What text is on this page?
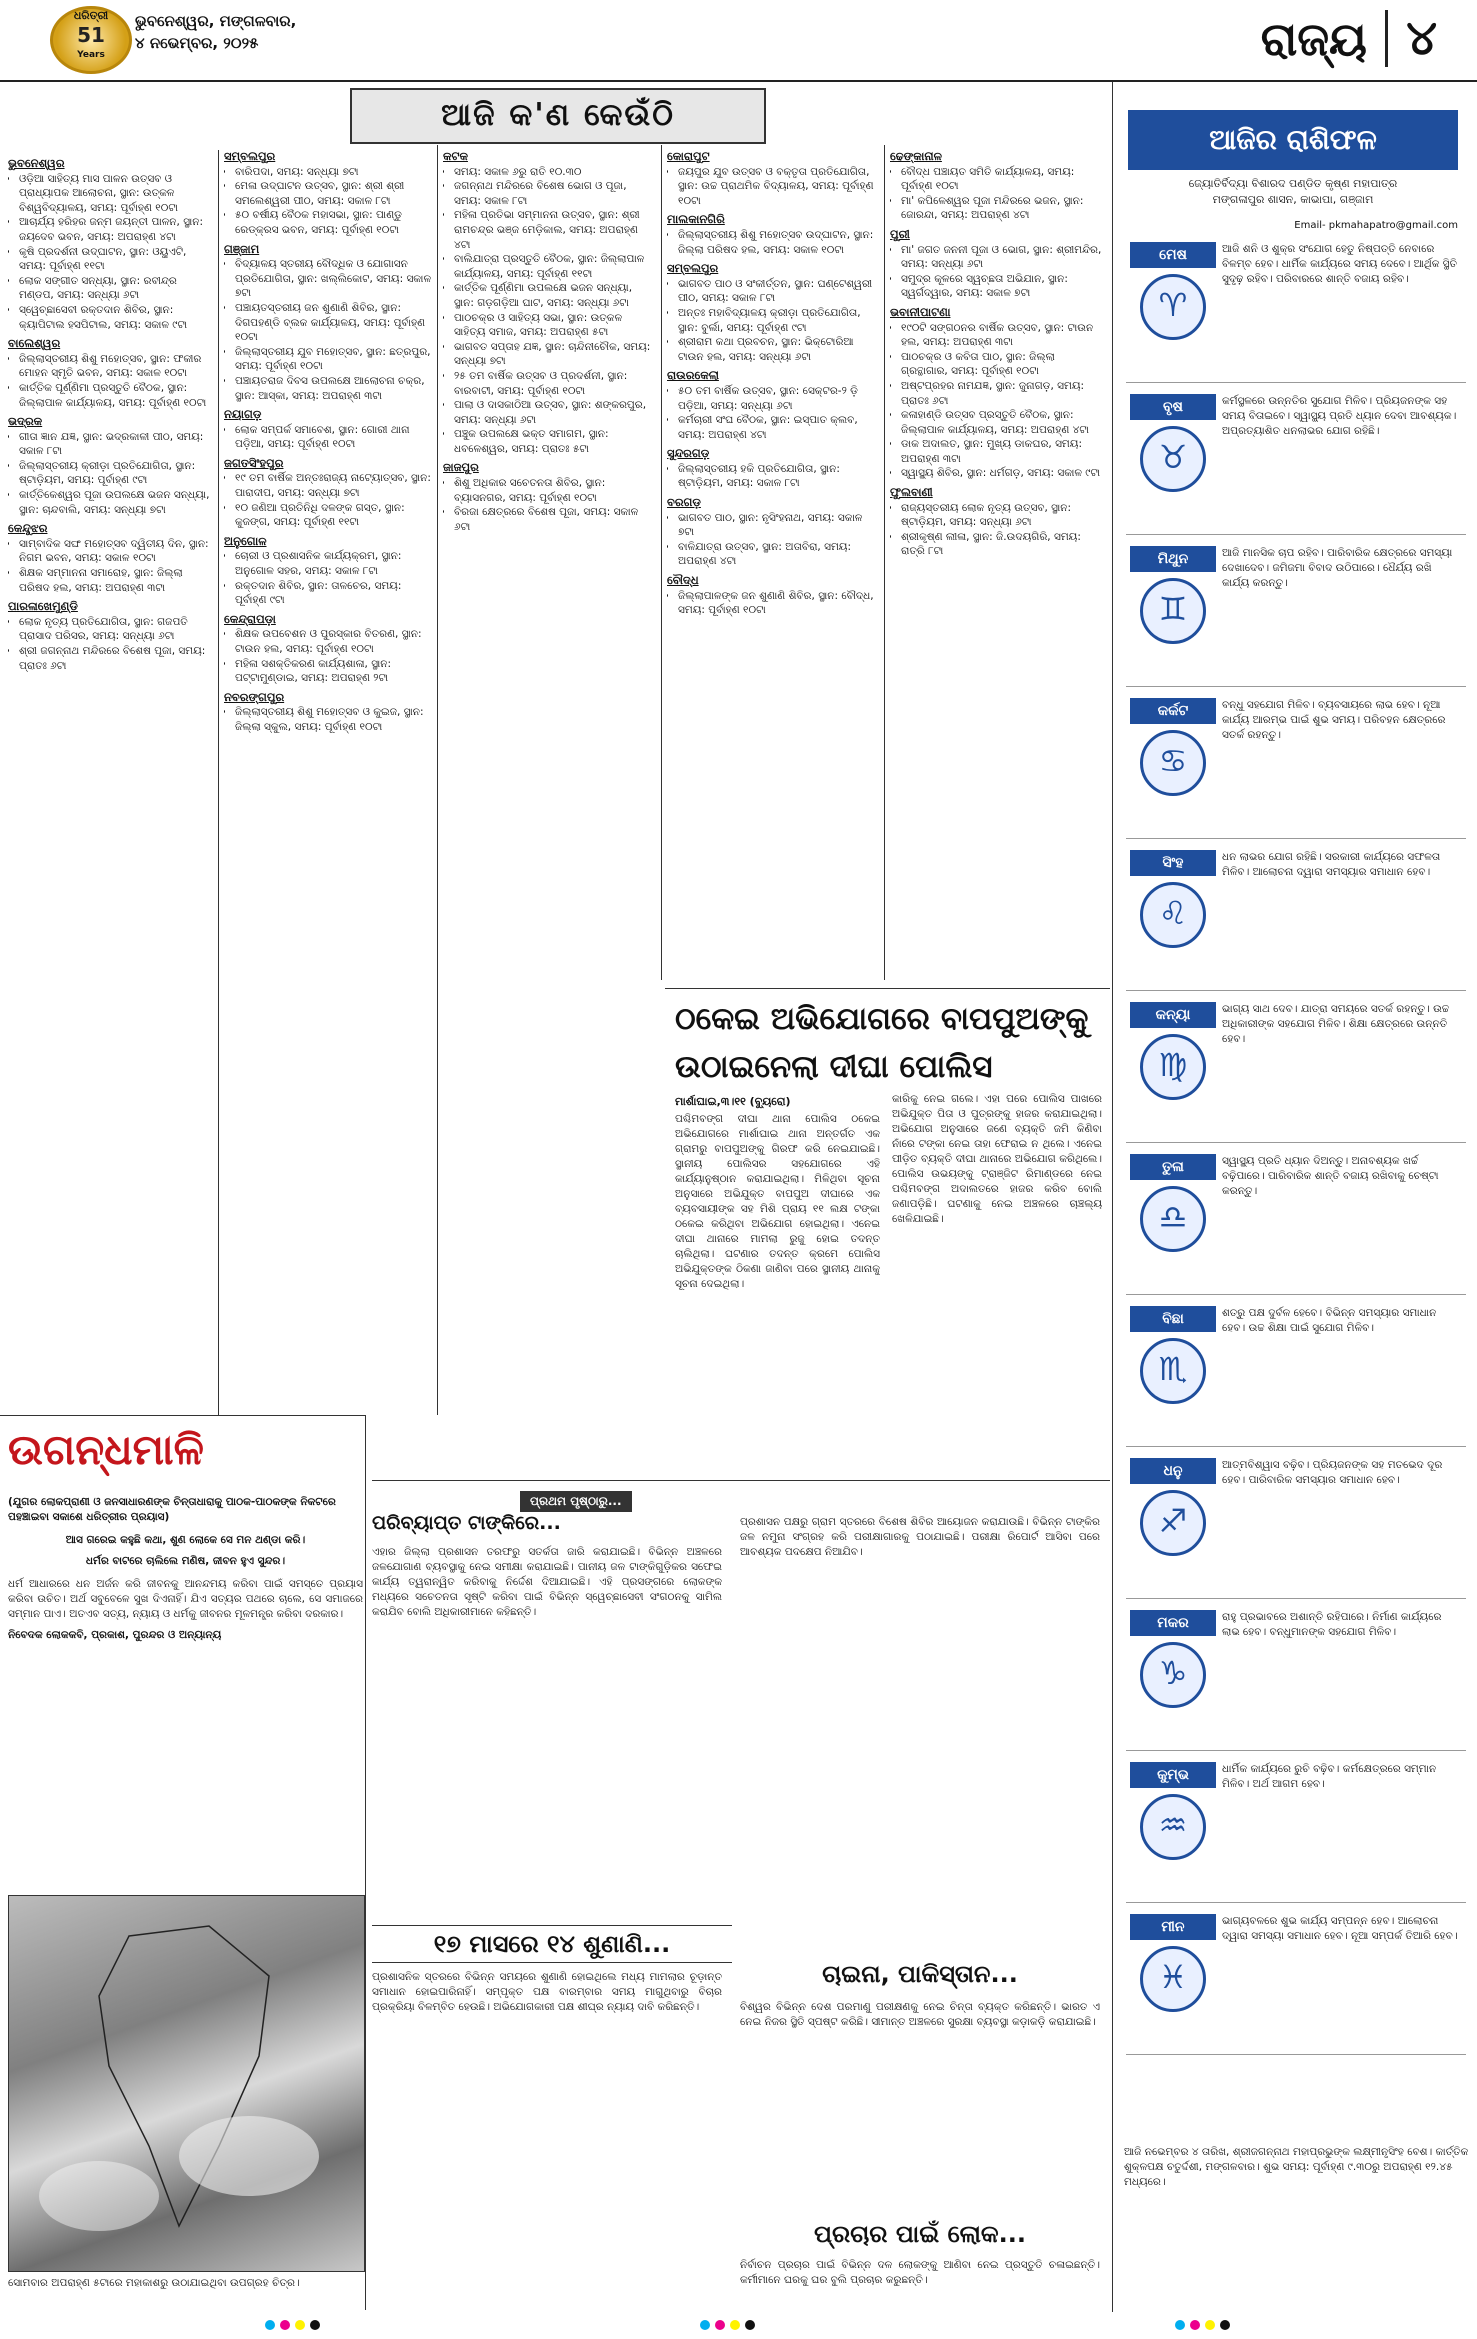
ଧରିତ୍ରୀ
51
Years
ଭୁବନେଶ୍ୱର, ମଙ୍ଗଳବାର,
୪ ନଭେମ୍ବର, ୨୦୨୫	ରାଜ୍ୟ ୪
ଆଜି କ'ଣ କେଉଁଠି
ଭୁବନେଶ୍ୱର
• ଓଡ଼ିଆ ସାହିତ୍ୟ ମାସ ପାଳନ ଉତ୍ସବ ଓ ପ୍ରାଧ୍ୟାପକ ଆଲୋଚନା, ସ୍ଥାନ: ଉତ୍କଳ ବିଶ୍ୱବିଦ୍ୟାଳୟ, ସମୟ: ପୂର୍ବାହ୍ଣ ୧୦ଟା
• ଆଚାର୍ଯ୍ୟ ହରିହର ଜନ୍ମ ଜୟନ୍ତୀ ପାଳନ, ସ୍ଥାନ: ଜୟଦେବ ଭବନ, ସମୟ: ଅପରାହ୍ଣ ୪ଟା
• କୃଷି ପ୍ରଦର୍ଶନୀ ଉଦ୍‌ଘାଟନ, ସ୍ଥାନ: ଓୟୁଏଟି, ସମୟ: ପୂର୍ବାହ୍ଣ ୧୧ଟା
• ଲୋକ ସଙ୍ଗୀତ ସନ୍ଧ୍ୟା, ସ୍ଥାନ: ରବୀନ୍ଦ୍ର ମଣ୍ଡପ, ସମୟ: ସନ୍ଧ୍ୟା ୬ଟା
• ସ୍ୱେଚ୍ଛାସେବୀ ରକ୍ତଦାନ ଶିବିର, ସ୍ଥାନ: କ୍ୟାପିଟାଲ ହସପିଟାଲ, ସମୟ: ସକାଳ ୯ଟା
ବାଲେଶ୍ୱର
• ଜିଲ୍ଲାସ୍ତରୀୟ ଶିଶୁ ମହୋତ୍ସବ, ସ୍ଥାନ: ଫକୀର ମୋହନ ସ୍ମୃତି ଭବନ, ସମୟ: ସକାଳ ୧୦ଟା
• କାର୍ତ୍ତିକ ପୂର୍ଣ୍ଣିମା ପ୍ରସ୍ତୁତି ବୈଠକ, ସ୍ଥାନ: ଜିଲ୍ଲାପାଳ କାର୍ଯ୍ୟାଳୟ, ସମୟ: ପୂର୍ବାହ୍ଣ ୧୦ଟା
ଭଦ୍ରକ
• ଗୀତା ଜ୍ଞାନ ଯଜ୍ଞ, ସ୍ଥାନ: ଭଦ୍ରକାଳୀ ପୀଠ, ସମୟ: ସକାଳ ୮ଟା
• ଜିଲ୍ଲାସ୍ତରୀୟ କ୍ରୀଡ଼ା ପ୍ରତିଯୋଗିତା, ସ୍ଥାନ: ଷ୍ଟାଡ଼ିୟମ, ସମୟ: ପୂର୍ବାହ୍ଣ ୯ଟା
• କାର୍ତ୍ତିକେଶ୍ୱର ପୂଜା ଉପଲକ୍ଷେ ଭଜନ ସନ୍ଧ୍ୟା, ସ୍ଥାନ: ଚାନ୍ଦବାଲି, ସମୟ: ସନ୍ଧ୍ୟା ୭ଟା
କେନ୍ଦୁଝର
• ସାମ୍ବାଦିକ ସଙ୍ଘ ମହୋତ୍ସବ ଦ୍ୱିତୀୟ ଦିନ, ସ୍ଥାନ: ନିଗମ ଭବନ, ସମୟ: ସକାଳ ୧୦ଟା
• ଶିକ୍ଷକ ସମ୍ମାନନା ସମାରୋହ, ସ୍ଥାନ: ଜିଲ୍ଲା ପରିଷଦ ହଲ, ସମୟ: ଅପରାହ୍ଣ ୩ଟା
ପାରଳାଖେମୁଣ୍ଡି
• ଲୋକ ନୃତ୍ୟ ପ୍ରତିଯୋଗିତା, ସ୍ଥାନ: ଗଜପତି ପ୍ରାସାଦ ପରିସର, ସମୟ: ସନ୍ଧ୍ୟା ୬ଟା
• ଶ୍ରୀ ଜଗନ୍ନାଥ ମନ୍ଦିରରେ ବିଶେଷ ପୂଜା, ସମୟ: ପ୍ରାତଃ ୬ଟା
ସମ୍ବଲପୁର
• ବାରିପଦା, ସମୟ: ସନ୍ଧ୍ୟା ୭ଟା
• ମେଳା ଉଦ୍‌ଘାଟନ ଉତ୍ସବ, ସ୍ଥାନ: ଶ୍ରୀ ଶ୍ରୀ ସମଲେଶ୍ୱରୀ ପୀଠ, ସମୟ: ସକାଳ ୮ଟା
• ୫୦ ବର୍ଷୀୟ ବୈଠକ ମହାସଭା, ସ୍ଥାନ: ପାଣ୍ଡୁ ରେଡ୍‌କ୍ରସ ଭବନ, ସମୟ: ପୂର୍ବାହ୍ଣ ୧୦ଟା
ଗଞ୍ଜାମ
• ବିଦ୍ୟାଳୟ ସ୍ତରୀୟ ବୌଦ୍ଧିକ ଓ ଯୋଗାସନ ପ୍ରତିଯୋଗିତା, ସ୍ଥାନ: ଖଲ୍ଲିକୋଟ, ସମୟ: ସକାଳ ୭ଟା
• ପଞ୍ଚାୟତସ୍ତରୀୟ ଜନ ଶୁଣାଣି ଶିବିର, ସ୍ଥାନ: ଦିଗପହଣ୍ଡି ବ୍ଲକ କାର୍ଯ୍ୟାଳୟ, ସମୟ: ପୂର୍ବାହ୍ଣ ୧୦ଟା
• ଜିଲ୍ଲାସ୍ତରୀୟ ଯୁବ ମହୋତ୍ସବ, ସ୍ଥାନ: ଛତ୍ରପୁର, ସମୟ: ପୂର୍ବାହ୍ଣ ୧୦ଟା
• ପଞ୍ଚାୟତରାଜ ଦିବସ ଉପଲକ୍ଷେ ଆଲୋଚନା ଚକ୍ର, ସ୍ଥାନ: ଆସ୍କା, ସମୟ: ଅପରାହ୍ଣ ୩ଟା
ନୟାଗଡ଼
• ଲୋକ ସମ୍ପର୍କ ସମାବେଶ, ସ୍ଥାନ: ଗୋରୀ ଥାନା ପଡ଼ିଆ, ସମୟ: ପୂର୍ବାହ୍ଣ ୧୦ଟା
ଜଗତସିଂହପୁର
• ୧୯ ତମ ବାର୍ଷିକ ଅନ୍ତଃରାଜ୍ୟ ନାଟ୍ୟୋତ୍ସବ, ସ୍ଥାନ: ପାରାଦୀପ, ସମୟ: ସନ୍ଧ୍ୟା ୭ଟା
• ୧୦ ଜଣିଆ ପ୍ରତିନିଧି ଦଳଙ୍କ ଗସ୍ତ, ସ୍ଥାନ: କୁଜଙ୍ଗ, ସମୟ: ପୂର୍ବାହ୍ଣ ୧୧ଟା
ଅନୁଗୋଳ
• ଚୋରୀ ଓ ପ୍ରଶାସନିକ କାର୍ଯ୍ୟକ୍ରମ, ସ୍ଥାନ: ଅନୁଗୋଳ ସହର, ସମୟ: ସକାଳ ୮ଟା
• ରକ୍ତଦାନ ଶିବିର, ସ୍ଥାନ: ତାଳଚେର, ସମୟ: ପୂର୍ବାହ୍ଣ ୯ଟା
କେନ୍ଦ୍ରାପଡ଼ା
• ଶିକ୍ଷକ ଉପବେଶନ ଓ ପୁରସ୍କାର ବିତରଣ, ସ୍ଥାନ: ଟାଉନ ହଲ, ସମୟ: ପୂର୍ବାହ୍ଣ ୧୦ଟା
• ମହିଳା ସଶକ୍ତିକରଣ କାର୍ଯ୍ୟଶାଳା, ସ୍ଥାନ: ପଟ୍ଟାମୁଣ୍ଡାଇ, ସମୟ: ଅପରାହ୍ଣ ୨ଟା
ନବରଙ୍ଗପୁର
• ଜିଲ୍ଲାସ୍ତରୀୟ ଶିଶୁ ମହୋତ୍ସବ ଓ କୁଇଜ, ସ୍ଥାନ: ଜିଲ୍ଲା ସ୍କୁଲ, ସମୟ: ପୂର୍ବାହ୍ଣ ୧୦ଟା
କଟକ
• ସମୟ: ସକାଳ ୬ରୁ ରାତି ୧୦.୩୦
• ଜଗନ୍ନାଥ ମନ୍ଦିରରେ ବିଶେଷ ଭୋଗ ଓ ପୂଜା, ସମୟ: ସକାଳ ୮ଟା
• ମହିଳା ପ୍ରତିଭା ସମ୍ମାନନା ଉତ୍ସବ, ସ୍ଥାନ: ଶ୍ରୀ ରାମଚନ୍ଦ୍ର ଭଞ୍ଜ ମେଡ଼ିକାଲ, ସମୟ: ଅପରାହ୍ଣ ୪ଟା
• ବାଲିଯାତ୍ରା ପ୍ରସ୍ତୁତି ବୈଠକ, ସ୍ଥାନ: ଜିଲ୍ଲାପାଳ କାର୍ଯ୍ୟାଳୟ, ସମୟ: ପୂର୍ବାହ୍ଣ ୧୧ଟା
• କାର୍ତ୍ତିକ ପୂର୍ଣ୍ଣିମା ଉପଲକ୍ଷେ ଭଜନ ସନ୍ଧ୍ୟା, ସ୍ଥାନ: ଗଡ଼ଗଡ଼ିଆ ଘାଟ, ସମୟ: ସନ୍ଧ୍ୟା ୬ଟା
• ପାଠଚକ୍ର ଓ ସାହିତ୍ୟ ସଭା, ସ୍ଥାନ: ଉତ୍କଳ ସାହିତ୍ୟ ସମାଜ, ସମୟ: ଅପରାହ୍ଣ ୫ଟା
• ଭାଗବତ ସପ୍ତାହ ଯଜ୍ଞ, ସ୍ଥାନ: ଚାନ୍ଦିନୀଚୌକ, ସମୟ: ସନ୍ଧ୍ୟା ୭ଟା
• ୨୫ ତମ ବାର୍ଷିକ ଉତ୍ସବ ଓ ପ୍ରଦର୍ଶନୀ, ସ୍ଥାନ: ବାରବାଟୀ, ସମୟ: ପୂର୍ବାହ୍ଣ ୧୦ଟା
• ପାଲା ଓ ଦାସକାଠିଆ ଉତ୍ସବ, ସ୍ଥାନ: ଶଙ୍କରପୁର, ସମୟ: ସନ୍ଧ୍ୟା ୬ଟା
• ପଞ୍ଚୁକ ଉପଲକ୍ଷେ ଭକ୍ତ ସମାଗମ, ସ୍ଥାନ: ଧବଳେଶ୍ୱର, ସମୟ: ପ୍ରାତଃ ୫ଟା
ଜାଜପୁର
• ଶିଶୁ ଅଧିକାର ସଚେତନତା ଶିବିର, ସ୍ଥାନ: ବ୍ୟାସନଗର, ସମୟ: ପୂର୍ବାହ୍ଣ ୧୦ଟା
• ବିରଜା କ୍ଷେତ୍ରରେ ବିଶେଷ ପୂଜା, ସମୟ: ସକାଳ ୬ଟା
କୋରାପୁଟ
• ଜୟପୁର ଯୁବ ଉତ୍ସବ ଓ ବକ୍ତୃତା ପ୍ରତିଯୋଗିତା, ସ୍ଥାନ: ଉଚ୍ଚ ପ୍ରାଥମିକ ବିଦ୍ୟାଳୟ, ସମୟ: ପୂର୍ବାହ୍ଣ ୧୦ଟା
ମାଲକାନଗିରି
• ଜିଲ୍ଲାସ୍ତରୀୟ ଶିଶୁ ମହୋତ୍ସବ ଉଦ୍‌ଘାଟନ, ସ୍ଥାନ: ଜିଲ୍ଲା ପରିଷଦ ହଲ, ସମୟ: ସକାଳ ୧୦ଟା
ସମ୍ବଲପୁର
• ଭାଗବତ ପାଠ ଓ ସଂକୀର୍ତ୍ତନ, ସ୍ଥାନ: ଘଣ୍ଟେଶ୍ୱରୀ ପୀଠ, ସମୟ: ସକାଳ ୮ଟା
• ଅନ୍ତଃ ମହାବିଦ୍ୟାଳୟ କ୍ରୀଡ଼ା ପ୍ରତିଯୋଗିତା, ସ୍ଥାନ: ବୁର୍ଲା, ସମୟ: ପୂର୍ବାହ୍ଣ ୯ଟା
• ଶ୍ରୀରାମ କଥା ପ୍ରବଚନ, ସ୍ଥାନ: ଭିକ୍ଟୋରିଆ ଟାଉନ ହଲ, ସମୟ: ସନ୍ଧ୍ୟା ୬ଟା
ରାଉରକେଲା
• ୫୦ ତମ ବାର୍ଷିକ ଉତ୍ସବ, ସ୍ଥାନ: ସେକ୍ଟର-୨ ଡ଼ି ପଡ଼ିଆ, ସମୟ: ସନ୍ଧ୍ୟା ୬ଟା
• କର୍ମଚାରୀ ସଂଘ ବୈଠକ, ସ୍ଥାନ: ଇସ୍ପାତ କ୍ଲବ, ସମୟ: ଅପରାହ୍ଣ ୪ଟା
ସୁନ୍ଦରଗଡ଼
• ଜିଲ୍ଲାସ୍ତରୀୟ ହକି ପ୍ରତିଯୋଗିତା, ସ୍ଥାନ: ଷ୍ଟାଡ଼ିୟମ, ସମୟ: ସକାଳ ୮ଟା
ବରଗଡ଼
• ଭାଗବତ ପାଠ, ସ୍ଥାନ: ନୃସିଂହନାଥ, ସମୟ: ସକାଳ ୭ଟା
• ବାଳିଯାତ୍ରା ଉତ୍ସବ, ସ୍ଥାନ: ଅତାବିରା, ସମୟ: ଅପରାହ୍ଣ ୪ଟା
ବୌଦ୍ଧ
• ଜିଲ୍ଲାପାଳଙ୍କ ଜନ ଶୁଣାଣି ଶିବିର, ସ୍ଥାନ: ବୌଦ୍ଧ, ସମୟ: ପୂର୍ବାହ୍ଣ ୧୦ଟା
ଢେଙ୍କାନାଳ
• ବୌଦ୍ଧ ପଞ୍ଚାୟତ ସମିତି କାର୍ଯ୍ୟାଳୟ, ସମୟ: ପୂର୍ବାହ୍ଣ ୧୦ଟା
• ମା' କପିଳେଶ୍ୱର ପୂଜା ମନ୍ଦିରରେ ଭଜନ, ସ୍ଥାନ: ଜୋରନ୍ଦା, ସମୟ: ଅପରାହ୍ଣ ୪ଟା
ପୁରୀ
• ମା' ଜଗତ ଜନନୀ ପୂଜା ଓ ଭୋଗ, ସ୍ଥାନ: ଶ୍ରୀମନ୍ଦିର, ସମୟ: ସନ୍ଧ୍ୟା ୬ଟା
• ସମୁଦ୍ର କୂଳରେ ସ୍ୱଚ୍ଛତା ଅଭିଯାନ, ସ୍ଥାନ: ସ୍ୱର୍ଗଦ୍ୱାର, ସମୟ: ସକାଳ ୭ଟା
ଭବାନୀପାଟଣା
• ୧୯୦ଟି ସଙ୍ଗଠନର ବାର୍ଷିକ ଉତ୍ସବ, ସ୍ଥାନ: ଟାଉନ ହଲ, ସମୟ: ଅପରାହ୍ଣ ୩ଟା
• ପାଠଚକ୍ର ଓ କବିତା ପାଠ, ସ୍ଥାନ: ଜିଲ୍ଲା ଗ୍ରନ୍ଥାଗାର, ସମୟ: ପୂର୍ବାହ୍ଣ ୧୦ଟା
• ଅଷ୍ଟପ୍ରହର ନାମଯଜ୍ଞ, ସ୍ଥାନ: ଜୁନାଗଡ଼, ସମୟ: ପ୍ରାତଃ ୬ଟା
• କଳାହାଣ୍ଡି ଉତ୍ସବ ପ୍ରସ୍ତୁତି ବୈଠକ, ସ୍ଥାନ: ଜିଲ୍ଲାପାଳ କାର୍ଯ୍ୟାଳୟ, ସମୟ: ଅପରାହ୍ଣ ୪ଟା
• ଡାକ ଅଦାଲତ, ସ୍ଥାନ: ମୁଖ୍ୟ ଡାକଘର, ସମୟ: ଅପରାହ୍ଣ ୩ଟା
• ସ୍ୱାସ୍ଥ୍ୟ ଶିବିର, ସ୍ଥାନ: ଧର୍ମଗଡ଼, ସମୟ: ସକାଳ ୯ଟା
ଫୁଲବାଣୀ
• ରାଜ୍ୟସ୍ତରୀୟ ଲୋକ ନୃତ୍ୟ ଉତ୍ସବ, ସ୍ଥାନ: ଷ୍ଟାଡ଼ିୟମ, ସମୟ: ସନ୍ଧ୍ୟା ୬ଟା
• ଶ୍ରୀକୃଷ୍ଣ ଲୀଳା, ସ୍ଥାନ: ଜି.ଉଦୟଗିରି, ସମୟ: ରାତ୍ରି ୮ଟା
ଠକେଇ ଅଭିଯୋଗରେ ବାପପୁଅଙ୍କୁ ଉଠାଇନେଲା ଦୀଘା ପୋଲିସ
ମାର୍ଶାଘାଇ,୩।୧୧ (ବ୍ୟୁରୋ)
ପଶ୍ଚିମବଙ୍ଗ ଦୀଘା ଥାନା ପୋଲିସ ଠକେଇ ଅଭିଯୋଗରେ ମାର୍ଶାଘାଇ ଥାନା ଅନ୍ତର୍ଗତ ଏକ ଗ୍ରାମରୁ ବାପପୁଅଙ୍କୁ ଗିରଫ କରି ନେଇଯାଇଛି। ସ୍ଥାନୀୟ ପୋଲିସର ସହଯୋଗରେ ଏହି କାର୍ଯ୍ୟାନୁଷ୍ଠାନ କରାଯାଇଥିଲା। ମିଳିଥିବା ସୂଚନା ଅନୁସାରେ ଅଭିଯୁକ୍ତ ବାପପୁଅ ଦୀଘାରେ ଏକ ବ୍ୟବସାୟୀଙ୍କ ସହ ମିଶି ପ୍ରାୟ ୧୧ ଲକ୍ଷ ଟଙ୍କା ଠକେଇ କରିଥିବା ଅଭିଯୋଗ ହୋଇଥିଲା। ଏନେଇ ଦୀଘା ଥାନାରେ ମାମଲା ରୁଜୁ ହୋଇ ତଦନ୍ତ ଚାଲିଥିଲା। ଘଟଣାର ତଦନ୍ତ କ୍ରମେ ପୋଲିସ ଅଭିଯୁକ୍ତଙ୍କ ଠିକଣା ଜାଣିବା ପରେ ସ୍ଥାନୀୟ ଥାନାକୁ ସୂଚନା ଦେଇଥିଲା।
କାରିକୁ ନେଇ ଗଲେ। ଏହା ପରେ ପୋଲିସ ପାଖରେ ଅଭିଯୁକ୍ତ ପିତା ଓ ପୁତ୍ରଙ୍କୁ ହାଜର କରାଯାଇଥିଲା। ଅଭିଯୋଗ ଅନୁସାରେ ଜଣେ ବ୍ୟକ୍ତି ଜମି କିଣିବା ନାଁରେ ଟଙ୍କା ନେଇ ତାହା ଫେରାଇ ନ ଥିଲେ। ଏନେଇ ପୀଡ଼ିତ ବ୍ୟକ୍ତି ଦୀଘା ଥାନାରେ ଅଭିଯୋଗ କରିଥିଲେ। ପୋଲିସ ଉଭୟଙ୍କୁ ଟ୍ରାଞ୍ଜିଟ ରିମାଣ୍ଡରେ ନେଇ ପଶ୍ଚିମବଙ୍ଗ ଅଦାଲତରେ ହାଜର କରିବ ବୋଲି ଜଣାପଡ଼ିଛି। ଘଟଣାକୁ ନେଇ ଅଞ୍ଚଳରେ ଚାଞ୍ଚଲ୍ୟ ଖେଳିଯାଇଛି।
ପ୍ରଥମ ପୃଷ୍ଠାରୁ...
ପରିବ୍ୟାପ୍ତ ଟାଙ୍କିରେ...
ଏହାର ଜିଲ୍ଲା ପ୍ରଶାସନ ତରଫରୁ ସତର୍କତା ଜାରି କରାଯାଇଛି। ବିଭିନ୍ନ ଅଞ୍ଚଳରେ ଜଳଯୋଗାଣ ବ୍ୟବସ୍ଥାକୁ ନେଇ ସମୀକ୍ଷା କରାଯାଇଛି। ପାନୀୟ ଜଳ ଟାଙ୍କିଗୁଡ଼ିକର ସଫେଇ କାର୍ଯ୍ୟ ତ୍ୱରାନ୍ୱିତ କରିବାକୁ ନିର୍ଦ୍ଦେଶ ଦିଆଯାଇଛି। ଏହି ପ୍ରସଙ୍ଗରେ ଲୋକଙ୍କ ମଧ୍ୟରେ ସଚେତନତା ସୃଷ୍ଟି କରିବା ପାଇଁ ବିଭିନ୍ନ ସ୍ୱେଚ୍ଛାସେବୀ ସଂଗଠନକୁ ସାମିଲ କରାଯିବ ବୋଲି ଅଧିକାରୀମାନେ କହିଛନ୍ତି।
ପ୍ରଶାସନ ପକ୍ଷରୁ ଗ୍ରାମ ସ୍ତରରେ ବିଶେଷ ଶିବିର ଆୟୋଜନ କରାଯାଉଛି। ବିଭିନ୍ନ ଟାଙ୍କିର ଜଳ ନମୁନା ସଂଗ୍ରହ କରି ପରୀକ୍ଷାଗାରକୁ ପଠାଯାଇଛି। ପରୀକ୍ଷା ରିପୋର୍ଟ ଆସିବା ପରେ ଆବଶ୍ୟକ ପଦକ୍ଷେପ ନିଆଯିବ।
୧୭ ମାସରେ ୧୪ ଶୁଣାଣି...
ପ୍ରଶାସନିକ ସ୍ତରରେ ବିଭିନ୍ନ ସମୟରେ ଶୁଣାଣି ହୋଇଥିଲେ ମଧ୍ୟ ମାମଲାର ଚୂଡ଼ାନ୍ତ ସମାଧାନ ହୋଇପାରିନାହିଁ। ସମ୍ପୃକ୍ତ ପକ୍ଷ ବାରମ୍ବାର ସମୟ ମାଗୁଥିବାରୁ ବିଚାର ପ୍ରକ୍ରିୟା ବିଳମ୍ବିତ ହେଉଛି। ଅଭିଯୋଗକାରୀ ପକ୍ଷ ଶୀଘ୍ର ନ୍ୟାୟ ଦାବି କରିଛନ୍ତି।
ଚାଇନା, ପାକିସ୍ତାନ...
ବିଶ୍ୱର ବିଭିନ୍ନ ଦେଶ ପରମାଣୁ ପରୀକ୍ଷଣକୁ ନେଇ ଚିନ୍ତା ବ୍ୟକ୍ତ କରିଛନ୍ତି। ଭାରତ ଏ ନେଇ ନିଜର ସ୍ଥିତି ସ୍ପଷ୍ଟ କରିଛି। ସୀମାନ୍ତ ଅଞ୍ଚଳରେ ସୁରକ୍ଷା ବ୍ୟବସ୍ଥା କଡ଼ାକଡ଼ି କରାଯାଇଛି।
ପ୍ରଚାର ପାଇଁ ଲୋକ...
ନିର୍ବାଚନ ପ୍ରଚାର ପାଇଁ ବିଭିନ୍ନ ଦଳ ଲୋକଙ୍କୁ ଆଣିବା ନେଇ ପ୍ରସ୍ତୁତି ଚଳାଇଛନ୍ତି। କର୍ମୀମାନେ ଘରକୁ ଘର ବୁଲି ପ୍ରଚାର କରୁଛନ୍ତି।
ଉଗନ୍ଧମାଳି

(ଯୁଗର ଲୋକପ୍ରାଣୀ ଓ ଜନସାଧାରଣଙ୍କ ଚିନ୍ତାଧାରାକୁ ପାଠକ-ପାଠକଙ୍କ ନିକଟରେ ପହଞ୍ଚାଇବା ସକାଶେ ଧରିତ୍ରୀର ପ୍ରୟାସ)

ଆସ ଗରେଇ କହୁଛି କଥା, ଶୁଣ ଲୋକେ ସେ ମନ ଥଣ୍ଡା କରି।

ଧର୍ମର ବାଟରେ ଚାଲିଲେ ମଣିଷ, ଜୀବନ ହୁଏ ସୁନ୍ଦର।

ଧର୍ମ ଆଧାରରେ ଧନ ଅର୍ଜନ କରି ଜୀବନକୁ ଆନନ୍ଦମୟ କରିବା ପାଇଁ ସମସ୍ତେ ପ୍ରୟାସ କରିବା ଉଚିତ। ଅର୍ଥ ସବୁବେଳେ ସୁଖ ଦିଏନାହିଁ। ଯିଏ ସତ୍ୟର ପଥରେ ଚାଲେ, ସେ ସମାଜରେ ସମ୍ମାନ ପାଏ। ଅତଏବ ସତ୍ୟ, ନ୍ୟାୟ ଓ ଧର୍ମକୁ ଜୀବନର ମୂଳମନ୍ତ୍ର କରିବା ଦରକାର।

ନିବେଦକ ଲୋକକବି, ପ୍ରକାଶ, ପୁରନ୍ଦର ଓ ଅନ୍ୟାନ୍ୟ

ସୋମବାର ଅପରାହ୍ଣ ୫ଟାରେ ମହାକାଶରୁ ଉଠାଯାଇଥିବା ଉପଗ୍ରହ ଚିତ୍ର।
ଆଜିର ରାଶିଫଳ
ଜ୍ୟୋତିର୍ବିଦ୍ୟା ବିଶାରଦ ପଣ୍ଡିତ କୃଷ୍ଣ ମହାପାତ୍ର
ମଙ୍ଗଳାପୁର ଶାସନ, କାଭାପା, ଗଞ୍ଜାମ
Email- pkmahapatro@gmail.com
ମେଷ
♈
ଆଜି ଶନି ଓ ଶୁକ୍ର ସଂଯୋଗ ହେତୁ ନିଷ୍ପତ୍ତି ନେବାରେ ବିଳମ୍ବ ହେବ। ଧାର୍ମିକ କାର୍ଯ୍ୟରେ ସମୟ ଦେବେ। ଆର୍ଥିକ ସ୍ଥିତି ସୁଦୃଢ଼ ରହିବ। ପରିବାରରେ ଶାନ୍ତି ବଜାୟ ରହିବ।
ବୃଷ
♉
କର୍ମସ୍ଥଳରେ ଉନ୍ନତିର ସୁଯୋଗ ମିଳିବ। ପ୍ରିୟଜନଙ୍କ ସହ ସମୟ ବିତାଇବେ। ସ୍ୱାସ୍ଥ୍ୟ ପ୍ରତି ଧ୍ୟାନ ଦେବା ଆବଶ୍ୟକ। ଅପ୍ରତ୍ୟାଶିତ ଧନଲାଭର ଯୋଗ ରହିଛି।
ମିଥୁନ
♊
ଆଜି ମାନସିକ ଚାପ ରହିବ। ପାରିବାରିକ କ୍ଷେତ୍ରରେ ସମସ୍ୟା ଦେଖାଦେବ। ଜମିଜମା ବିବାଦ ଉଠିପାରେ। ଧୈର୍ଯ୍ୟ ରଖି କାର୍ଯ୍ୟ କରନ୍ତୁ।
କର୍କଟ
♋
ବନ୍ଧୁ ସହଯୋଗ ମିଳିବ। ବ୍ୟବସାୟରେ ଲାଭ ହେବ। ନୂଆ କାର୍ଯ୍ୟ ଆରମ୍ଭ ପାଇଁ ଶୁଭ ସମୟ। ପରିବହନ କ୍ଷେତ୍ରରେ ସତର୍କ ରହନ୍ତୁ।
ସିଂହ
♌
ଧନ ଲାଭର ଯୋଗ ରହିଛି। ସରକାରୀ କାର୍ଯ୍ୟରେ ସଫଳତା ମିଳିବ। ଆଲୋଚନା ଦ୍ୱାରା ସମସ୍ୟାର ସମାଧାନ ହେବ।
କନ୍ୟା
♍
ଭାଗ୍ୟ ସାଥ ଦେବ। ଯାତ୍ରା ସମୟରେ ସତର୍କ ରହନ୍ତୁ। ଉଚ୍ଚ ଅଧିକାରୀଙ୍କ ସହଯୋଗ ମିଳିବ। ଶିକ୍ଷା କ୍ଷେତ୍ରରେ ଉନ୍ନତି ହେବ।
ତୁଳା
♎
ସ୍ୱାସ୍ଥ୍ୟ ପ୍ରତି ଧ୍ୟାନ ଦିଅନ୍ତୁ। ଅନାବଶ୍ୟକ ଖର୍ଚ୍ଚ ବଢ଼ିପାରେ। ପାରିବାରିକ ଶାନ୍ତି ବଜାୟ ରଖିବାକୁ ଚେଷ୍ଟା କରନ୍ତୁ।
ବିଛା
♏
ଶତ୍ରୁ ପକ୍ଷ ଦୁର୍ବଳ ହେବେ। ବିଭିନ୍ନ ସମସ୍ୟାର ସମାଧାନ ହେବ। ଉଚ୍ଚ ଶିକ୍ଷା ପାଇଁ ସୁଯୋଗ ମିଳିବ।
ଧନୁ
♐
ଆତ୍ମବିଶ୍ୱାସ ବଢ଼ିବ। ପ୍ରିୟଜନଙ୍କ ସହ ମତଭେଦ ଦୂର ହେବ। ପାରିବାରିକ ସମସ୍ୟାର ସମାଧାନ ହେବ।
ମକର
♑
ରାହୁ ପ୍ରଭାବରେ ଅଶାନ୍ତି ରହିପାରେ। ନିର୍ମାଣ କାର୍ଯ୍ୟରେ ଲାଭ ହେବ। ବନ୍ଧୁମାନଙ୍କ ସହଯୋଗ ମିଳିବ।
କୁମ୍ଭ
♒
ଧାର୍ମିକ କାର୍ଯ୍ୟରେ ରୁଚି ବଢ଼ିବ। କର୍ମକ୍ଷେତ୍ରରେ ସମ୍ମାନ ମିଳିବ। ଅର୍ଥ ଆଗମ ହେବ।
ମୀନ
♓
ଭାଗ୍ୟବଳରେ ଶୁଭ କାର୍ଯ୍ୟ ସମ୍ପନ୍ନ ହେବ। ଆଲୋଚନା ଦ୍ୱାରା ସମସ୍ୟା ସମାଧାନ ହେବ। ନୂଆ ସମ୍ପର୍କ ତିଆରି ହେବ।
ଆଜି ନଭେମ୍ବର ୪ ତାରିଖ, ଶ୍ରୀଜଗନ୍ନାଥ ମହାପ୍ରଭୁଙ୍କ ଲକ୍ଷ୍ମୀନୃସିଂହ ବେଶ। କାର୍ତ୍ତିକ ଶୁକ୍ଳପକ୍ଷ ଚତୁର୍ଦ୍ଦଶୀ, ମଙ୍ଗଳବାର। ଶୁଭ ସମୟ: ପୂର୍ବାହ୍ଣ ୯.୩୦ରୁ ଅପରାହ୍ଣ ୧୨.୪୫ ମଧ୍ୟରେ।
